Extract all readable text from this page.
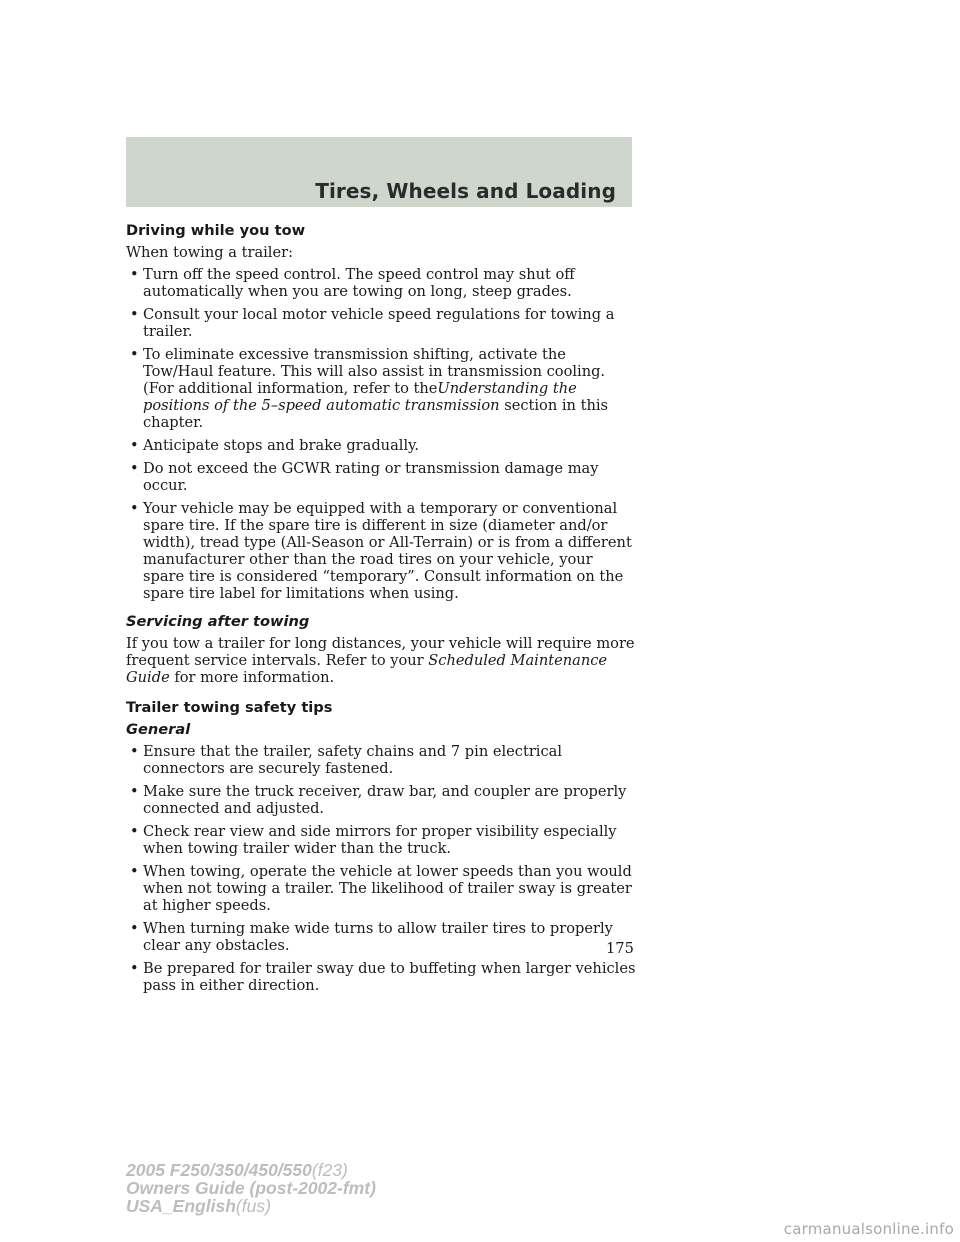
Tires, Wheels and Loading
Driving while you tow

When towing a trailer:

• Turn off the speed control. The speed control may shut off automatically when you are towing on long, steep grades.
• Consult your local motor vehicle speed regulations for towing a trailer.
• To eliminate excessive transmission shifting, activate the Tow/Haul feature. This will also assist in transmission cooling. (For additional information, refer to theUnderstanding the positions of the 5–speed automatic transmission section in this chapter.
• Anticipate stops and brake gradually.
• Do not exceed the GCWR rating or transmission damage may occur.
• Your vehicle may be equipped with a temporary or conventional spare tire. If the spare tire is different in size (diameter and/or width), tread type (All-Season or All-Terrain) or is from a different manufacturer other than the road tires on your vehicle, your spare tire is considered “temporary”. Consult information on the spare tire label for limitations when using.
Servicing after towing

If you tow a trailer for long distances, your vehicle will require more frequent service intervals. Refer to your Scheduled Maintenance Guide for more information.

Trailer towing safety tips
General
• Ensure that the trailer, safety chains and 7 pin electrical connectors are securely fastened.
• Make sure the truck receiver, draw bar, and coupler are properly connected and adjusted.
• Check rear view and side mirrors for proper visibility especially when towing trailer wider than the truck.
• When towing, operate the vehicle at lower speeds than you would when not towing a trailer. The likelihood of trailer sway is greater at higher speeds.
• When turning make wide turns to allow trailer tires to properly clear any obstacles.
• Be prepared for trailer sway due to buffeting when larger vehicles pass in either direction.
175
2005 F250/350/450/550(f23)
Owners Guide (post-2002-fmt)
USA_English(fus)
carmanualsonline.info
